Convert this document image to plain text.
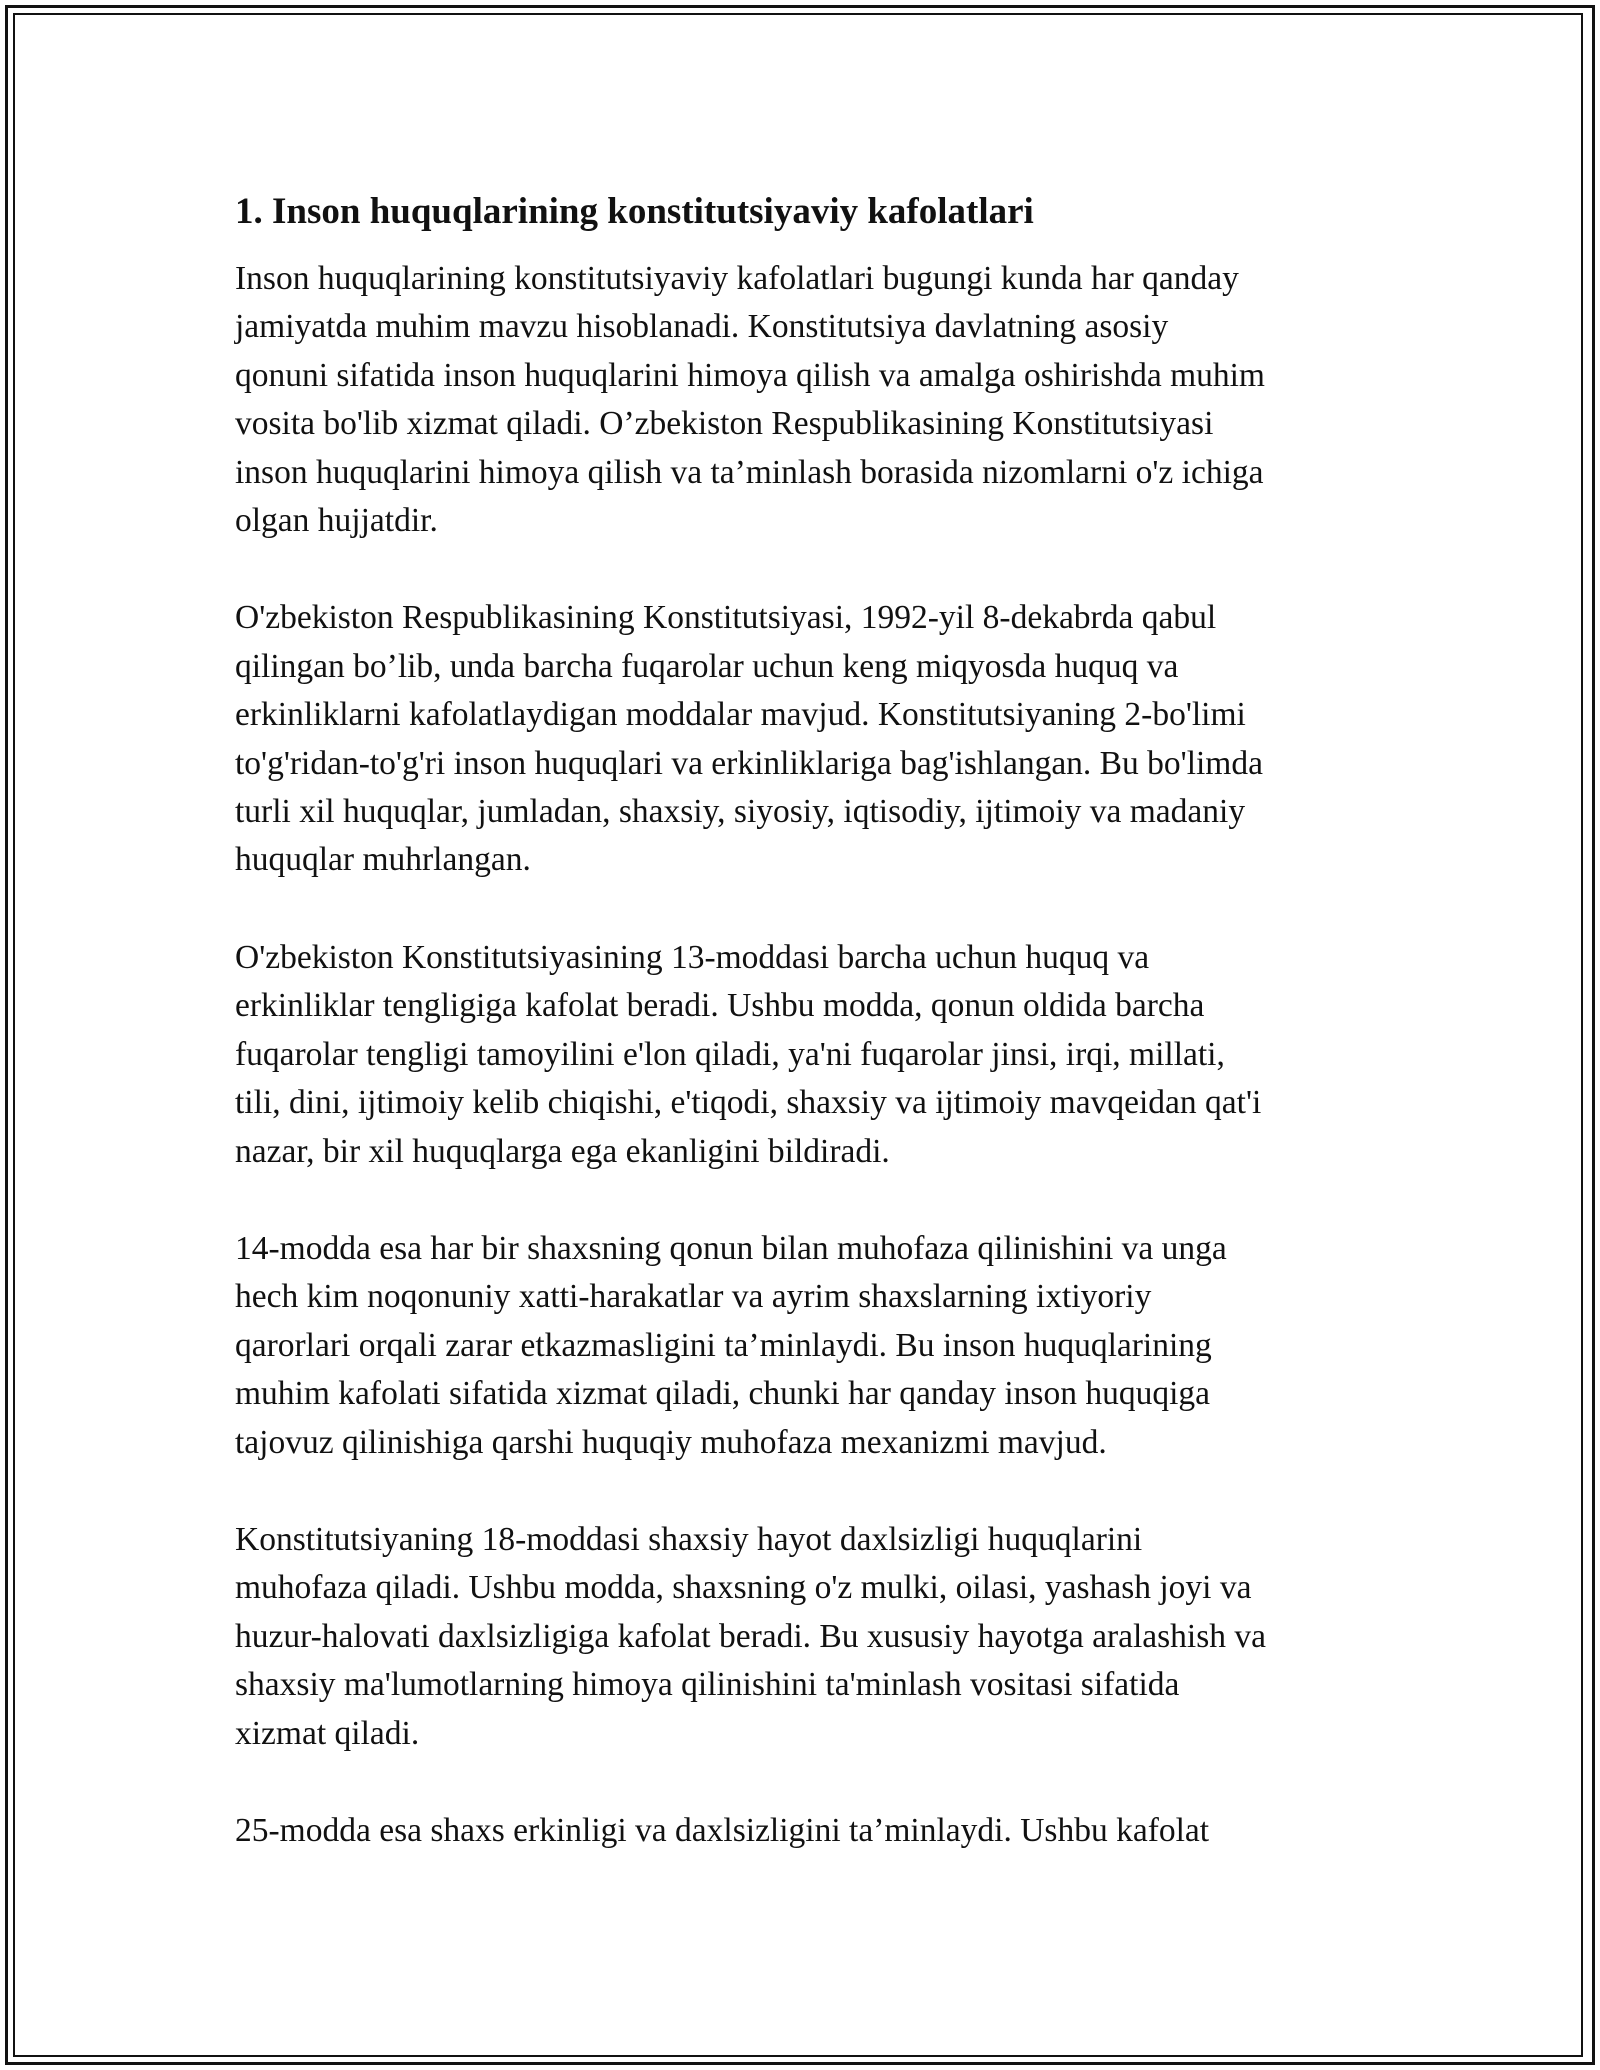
1. Inson huquqlarining konstitutsiyaviy kafolatlari
Inson huquqlarining konstitutsiyaviy kafolatlari bugungi kunda har qanday
jamiyatda muhim mavzu hisoblanadi. Konstitutsiya davlatning asosiy
qonuni sifatida inson huquqlarini himoya qilish va amalga oshirishda muhim
vosita bo'lib xizmat qiladi. O’zbekiston Respublikasining Konstitutsiyasi
inson huquqlarini himoya qilish va ta’minlash borasida nizomlarni o'z ichiga
olgan hujjatdir.
O'zbekiston Respublikasining Konstitutsiyasi, 1992-yil 8-dekabrda qabul
qilingan bo’lib, unda barcha fuqarolar uchun keng miqyosda huquq va
erkinliklarni kafolatlaydigan moddalar mavjud. Konstitutsiyaning 2-bo'limi
to'g'ridan-to'g'ri inson huquqlari va erkinliklariga bag'ishlangan. Bu bo'limda
turli xil huquqlar, jumladan, shaxsiy, siyosiy, iqtisodiy, ijtimoiy va madaniy
huquqlar muhrlangan.
O'zbekiston Konstitutsiyasining 13-moddasi barcha uchun huquq va
erkinliklar tengligiga kafolat beradi. Ushbu modda, qonun oldida barcha
fuqarolar tengligi tamoyilini e'lon qiladi, ya'ni fuqarolar jinsi, irqi, millati,
tili, dini, ijtimoiy kelib chiqishi, e'tiqodi, shaxsiy va ijtimoiy mavqeidan qat'i
nazar, bir xil huquqlarga ega ekanligini bildiradi.
14-modda esa har bir shaxsning qonun bilan muhofaza qilinishini va unga
hech kim noqonuniy xatti-harakatlar va ayrim shaxslarning ixtiyoriy
qarorlari orqali zarar etkazmasligini ta’minlaydi. Bu inson huquqlarining
muhim kafolati sifatida xizmat qiladi, chunki har qanday inson huquqiga
tajovuz qilinishiga qarshi huquqiy muhofaza mexanizmi mavjud.
Konstitutsiyaning 18-moddasi shaxsiy hayot daxlsizligi huquqlarini
muhofaza qiladi. Ushbu modda, shaxsning o'z mulki, oilasi, yashash joyi va
huzur-halovati daxlsizligiga kafolat beradi. Bu xususiy hayotga aralashish va
shaxsiy ma'lumotlarning himoya qilinishini ta'minlash vositasi sifatida
xizmat qiladi.
25-modda esa shaxs erkinligi va daxlsizligini ta’minlaydi. Ushbu kafolat
